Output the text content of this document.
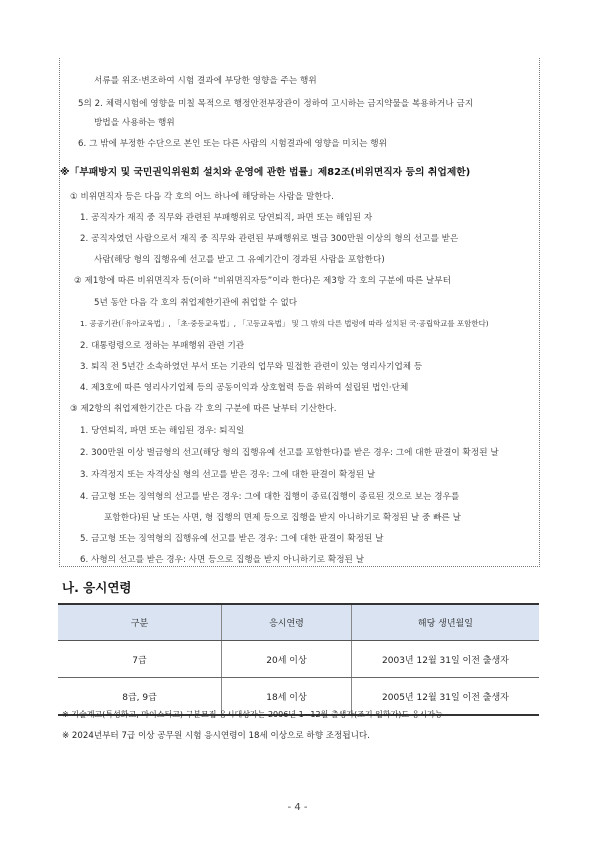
서류를 위조·변조하여 시험 결과에 부당한 영향을 주는 행위
5의 2. 체력시험에 영향을 미칠 목적으로 행정안전부장관이 정하여 고시하는 금지약물을 복용하거나 금지
방법을 사용하는 행위
6. 그 밖에 부정한 수단으로 본인 또는 다른 사람의 시험결과에 영향을 미치는 행위
※「부패방지 및 국민권익위원회 설치와 운영에 관한 법률」제82조(비위면직자 등의 취업제한)
① 비위면직자 등은 다음 각 호의 어느 하나에 해당하는 사람을 말한다.
1. 공직자가 재직 중 직무와 관련된 부패행위로 당연퇴직, 파면 또는 해임된 자
2. 공직자였던 사람으로서 재직 중 직무와 관련된 부패행위로 벌금 300만원 이상의 형의 선고를 받은
사람(해당 형의 집행유예 선고를 받고 그 유예기간이 경과된 사람을 포함한다)
② 제1항에 따른 비위면직자 등(이하 “비위면직자등”이라 한다)은 제3항 각 호의 구분에 따른 날부터
5년 동안 다음 각 호의 취업제한기관에 취업할 수 없다
1. 공공기관(「유아교육법」, 「초·중등교육법」, 「고등교육법」 및 그 밖의 다른 법령에 따라 설치된 국·공립학교를 포함한다)
2. 대통령령으로 정하는 부패행위 관련 기관
3. 퇴직 전 5년간 소속하였던 부서 또는 기관의 업무와 밀접한 관련이 있는 영리사기업체 등
4. 제3호에 따른 영리사기업체 등의 공동이익과 상호협력 등을 위하여 설립된 법인·단체
③ 제2항의 취업제한기간은 다음 각 호의 구분에 따른 날부터 기산한다.
1. 당연퇴직, 파면 또는 해임된 경우: 퇴직일
2. 300만원 이상 벌금형의 선고(해당 형의 집행유예 선고를 포함한다)를 받은 경우: 그에 대한 판결이 확정된 날
3. 자격정지 또는 자격상실 형의 선고를 받은 경우: 그에 대한 판결이 확정된 날
4. 금고형 또는 징역형의 선고를 받은 경우: 그에 대한 집행이 종료(집행이 종료된 것으로 보는 경우를
포함한다)된 날 또는 사면, 형 집행의 면제 등으로 집행을 받지 아니하기로 확정된 날 중 빠른 날
5. 금고형 또는 징역형의 집행유예 선고를 받은 경우: 그에 대한 판결이 확정된 날
6. 사형의 선고를 받은 경우: 사면 등으로 집행을 받지 아니하기로 확정된 날
나. 응시연령
구분	응시연령	해당 생년월일
7급	20세 이상	2003년 12월 31일 이전 출생자
8급, 9급	18세 이상	2005년 12월 31일 이전 출생자
※ 기술계고(특성화고, 마이스터고) 구분모집 응시대상자는 2006년 1~12월 출생자(조기 입학자)도 응시가능
※ 2024년부터 7급 이상 공무원 시험 응시연령이 18세 이상으로 하향 조정됩니다.
- 4 -
